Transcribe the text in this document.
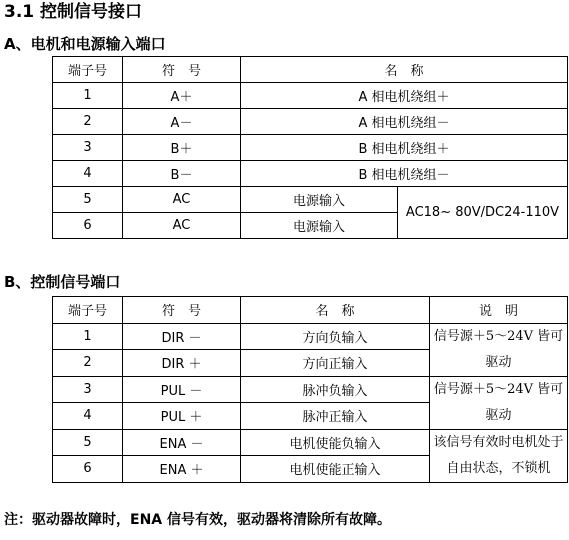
3.1 控制信号接口
A、电机和电源输入端口
端子号	符　号	名　称	
1	A＋	A 相电机绕组＋	
2	A－	A 相电机绕组－	
3	B＋	B 相电机绕组＋	
4	B－	B 相电机绕组－	
5	AC	电源输入	AC18~ 80V/DC24-110V
6	AC	电源输入	
B、控制信号端口
端子号	符　号	名　称	说　明
1	DIR －	方向负输入	信号源＋5～24V 皆可驱动
2	DIR ＋	方向正输入	
3	PUL －	脉冲负输入	信号源＋5～24V 皆可驱动
4	PUL ＋	脉冲正输入	
5	ENA －	电机使能负输入	该信号有效时电机处于自由状态，不锁机
6	ENA ＋	电机使能正输入	
注：驱动器故障时，ENA 信号有效，驱动器将清除所有故障。
